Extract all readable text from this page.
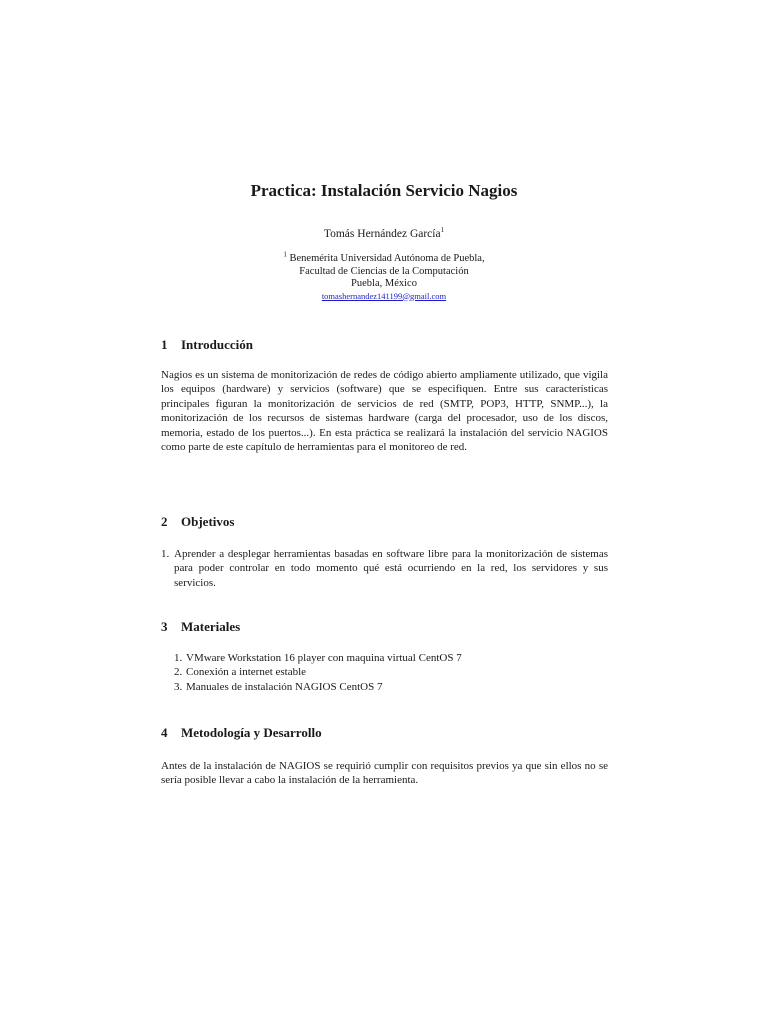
Practica: Instalación Servicio Nagios
Tomás Hernández García$^1$
$^1$ Benemérita Universidad Autónoma de Puebla,
Facultad de Ciencias de la Computación
Puebla, México
tomashernandez141199@gmail.com
1 Introducción

Nagios es un sistema de monitorización de redes de código abierto ampliamente utilizado, que vigila los equipos (hardware) y servicios (software) que se especifiquen. Entre sus características principales figuran la monitorización de servicios de red (SMTP, POP3, HTTP, SNMP...), la monitorización de los recursos de sistemas hardware (carga del procesador, uso de los discos, memoria, estado de los puertos...). En esta práctica se realizará la instalación del servicio NAGIOS como parte de este capítulo de herramientas para el monitoreo de red.

2 Objetivos
1. Aprender a desplegar herramientas basadas en software libre para la monitorización de sistemas para poder controlar en todo momento qué está ocurriendo en la red, los servidores y sus servicios.
3 Materiales
1. VMware Workstation 16 player con maquina virtual CentOS 7
2. Conexión a internet estable
3. Manuales de instalación NAGIOS CentOS 7
4 Metodología y Desarrollo

Antes de la instalación de NAGIOS se requirió cumplir con requisitos previos ya que sin ellos no se sería posible llevar a cabo la instalación de la herramienta.
